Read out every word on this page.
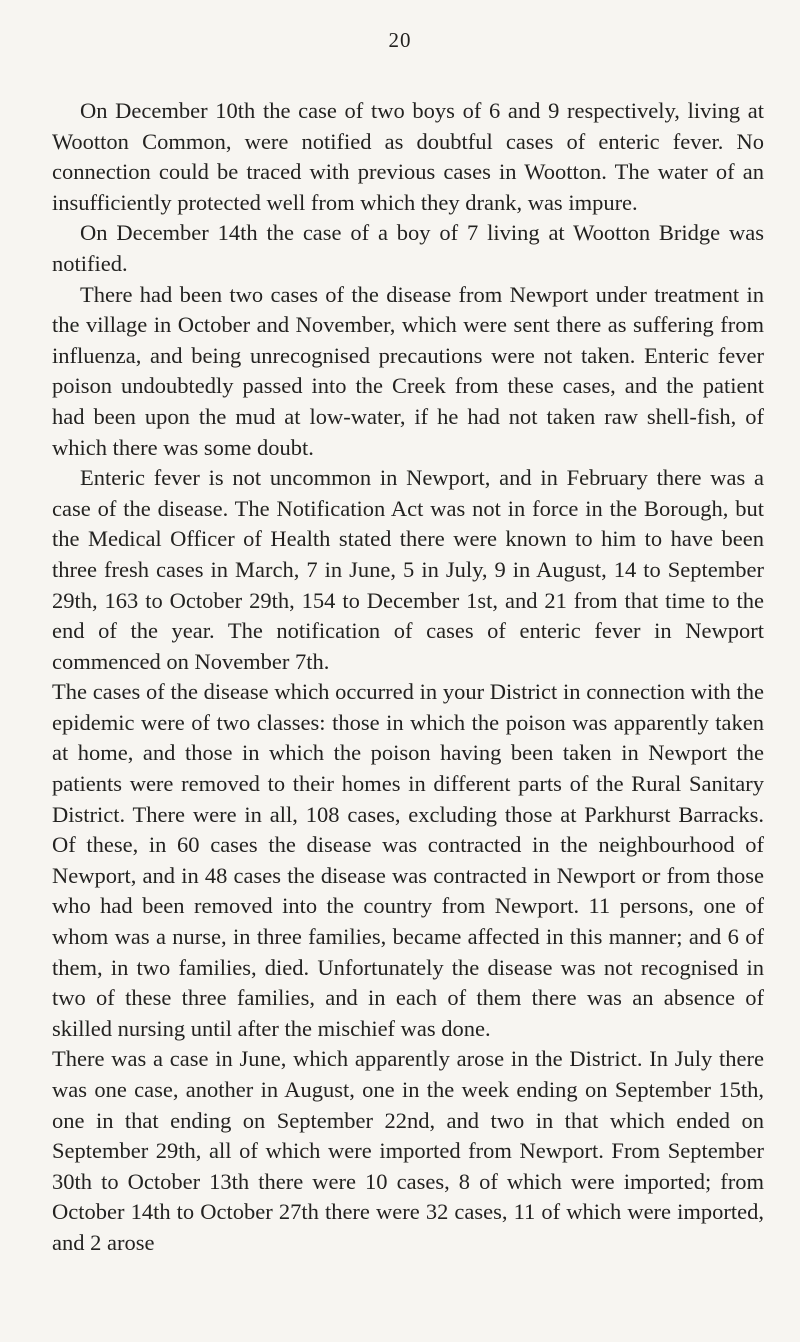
20

On December 10th the case of two boys of 6 and 9 respectively, living at Wootton Common, were notified as doubtful cases of enteric fever. No connection could be traced with previous cases in Wootton. The water of an insufficiently protected well from which they drank, was impure.

On December 14th the case of a boy of 7 living at Wootton Bridge was notified.

There had been two cases of the disease from Newport under treatment in the village in October and November, which were sent there as suffering from influenza, and being unrecognised precautions were not taken. Enteric fever poison undoubtedly passed into the Creek from these cases, and the patient had been upon the mud at low-water, if he had not taken raw shell-fish, of which there was some doubt.

Enteric fever is not uncommon in Newport, and in February there was a case of the disease. The Notification Act was not in force in the Borough, but the Medical Officer of Health stated there were known to him to have been three fresh cases in March, 7 in June, 5 in July, 9 in August, 14 to September 29th, 163 to October 29th, 154 to December 1st, and 21 from that time to the end of the year. The notification of cases of enteric fever in Newport commenced on November 7th.

The cases of the disease which occurred in your District in connection with the epidemic were of two classes: those in which the poison was apparently taken at home, and those in which the poison having been taken in Newport the patients were removed to their homes in different parts of the Rural Sanitary District. There were in all, 108 cases, excluding those at Parkhurst Barracks. Of these, in 60 cases the disease was contracted in the neighbourhood of Newport, and in 48 cases the disease was contracted in Newport or from those who had been removed into the country from Newport. 11 persons, one of whom was a nurse, in three families, became affected in this manner; and 6 of them, in two families, died. Unfortunately the disease was not recognised in two of these three families, and in each of them there was an absence of skilled nursing until after the mischief was done.

There was a case in June, which apparently arose in the District. In July there was one case, another in August, one in the week ending on September 15th, one in that ending on September 22nd, and two in that which ended on September 29th, all of which were imported from Newport. From September 30th to October 13th there were 10 cases, 8 of which were imported; from October 14th to October 27th there were 32 cases, 11 of which were imported, and 2 arose
